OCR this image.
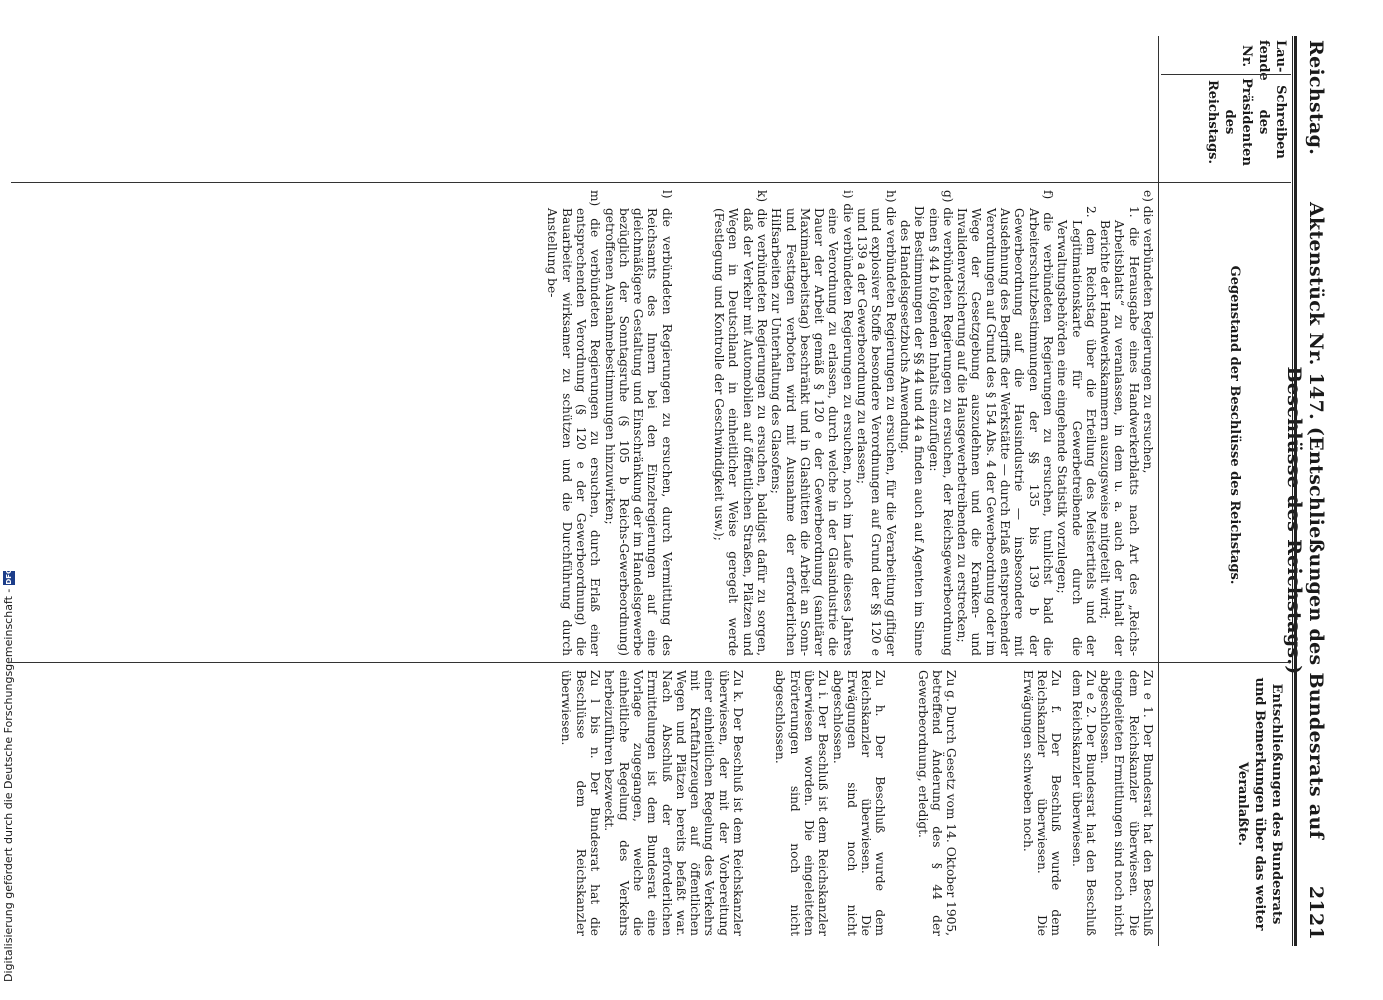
Reichstag.
Aktenstück Nr. 147. (Entschließungen des Bundesrats auf Beschlüsse des Reichstags.)
2121
Lau-fende Nr.
Schreiben des Präsidenten des Reichstags.
Gegenstand der Beschlüsse des Reichstags.
Entschließungen des Bundesrats und Bemerkungen über das weiter Veranlaßte.

e) die verbündeten Regierungen zu ersuchen,

1. die Herausgabe eines Handwerkerblatts nach Art des „Reichs-Arbeitsblatts“ zu veranlassen, in dem u. a. auch der Inhalt der Berichte der Handwerkskammern auszugsweise mitgeteilt wird;

2. dem Reichstag über die Erteilung des Meistertitels und der Legitimationskarte für Gewerbetreibende durch die Verwaltungsbehörden eine eingehende Statistik vorzulegen;

f) die verbündeten Regierungen zu ersuchen, tunlichst bald die Arbeiterschutzbestimmungen der §§ 135 bis 139 b der Gewerbeordnung auf die Hausindustrie — insbesondere mit Ausdehnung des Begriffs der Werkstätte — durch Erlaß entsprechender Verordnungen auf Grund des § 154 Abs. 4 der Gewerbeordnung oder im Wege der Gesetzgebung auszudehnen und die Kranken- und Invalidenversicherung auf die Hausgewerbetreibenden zu erstrecken;

g) die verbündeten Regierungen zu ersuchen, der Reichsgewerbeordnung einen § 44 b folgenden Inhalts einzufügen:

Die Bestimmungen der §§ 44 und 44 a finden auch auf Agenten im Sinne des Handelsgesetzbuchs Anwendung.

h) die verbündeten Regierungen zu ersuchen, für die Verarbeitung giftiger und explosiver Stoffe besondere Verordnungen auf Grund der §§ 120 e und 139 a der Gewerbeordnung zu erlassen;

i) die verbündeten Regierungen zu ersuchen, noch im Laufe dieses Jahres eine Verordnung zu erlassen, durch welche in der Glasindustrie die Dauer der Arbeit gemäß § 120 e der Gewerbeordnung (sanitärer Maximalarbeitstag) beschränkt und in Glashütten die Arbeit an Sonn- und Festtagen verboten wird mit Ausnahme der erforderlichen Hilfsarbeiten zur Unterhaltung des Glasofens;

k) die verbündeten Regierungen zu ersuchen, baldigst dafür zu sorgen, daß der Verkehr mit Automobilen auf öffentlichen Straßen, Plätzen und Wegen in Deutschland in einheitlicher Weise geregelt werde (Festlegung und Kontrolle der Geschwindigkeit usw.);

l) die verbündeten Regierungen zu ersuchen, durch Vermittlung des Reichsamts des Innern bei den Einzelregierungen auf eine gleichmäßigere Gestaltung und Einschränkung der im Handelsgewerbe bezüglich der Sonntagsruhe (§ 105 b Reichs-Gewerbeordnung) getroffenen Ausnahmebestimmungen hinzuwirken;

m) die verbündeten Regierungen zu ersuchen, durch Erlaß einer entsprechenden Verordnung (§ 120 e der Gewerbeordnung) die Bauarbeiter wirksamer zu schützen und die Durchführung durch Anstellung be-

Zu e 1. Der Bundesrat hat den Beschluß dem Reichskanzler überwiesen. Die eingeleiteten Ermittlungen sind noch nicht abgeschlossen.

Zu e 2. Der Bundesrat hat den Beschluß dem Reichskanzler überwiesen.

Zu f. Der Beschluß wurde dem Reichskanzler überwiesen. Die Erwägungen schweben noch.

Zu g. Durch Gesetz vom 14. Oktober 1905, betreffend Änderung des § 44 der Gewerbeordnung, erledigt.

Zu h. Der Beschluß wurde dem Reichskanzler überwiesen. Die Erwägungen sind noch nicht abgeschlossen.

Zu i. Der Beschluß ist dem Reichskanzler überwiesen worden. Die eingeleiteten Erörterungen sind noch nicht abgeschlossen.

Zu k. Der Beschluß ist dem Reichskanzler überwiesen, der mit der Vorbereitung einer einheitlichen Regelung des Verkehrs mit Kraftfahrzeugen auf öffentlichen Wegen und Plätzen bereits befaßt war. Nach Abschluß der erforderlichen Ermittelungen ist dem Bundesrat eine Vorlage zugegangen, welche die einheitliche Regelung des Verkehrs herbeizuführen bezweckt.

Zu l bis n. Der Bundesrat hat die Beschlüsse dem Reichskanzler überwiesen.

Digitalisierung gefördert durch die Deutsche Forschungsgemeinschaft -
DFG
